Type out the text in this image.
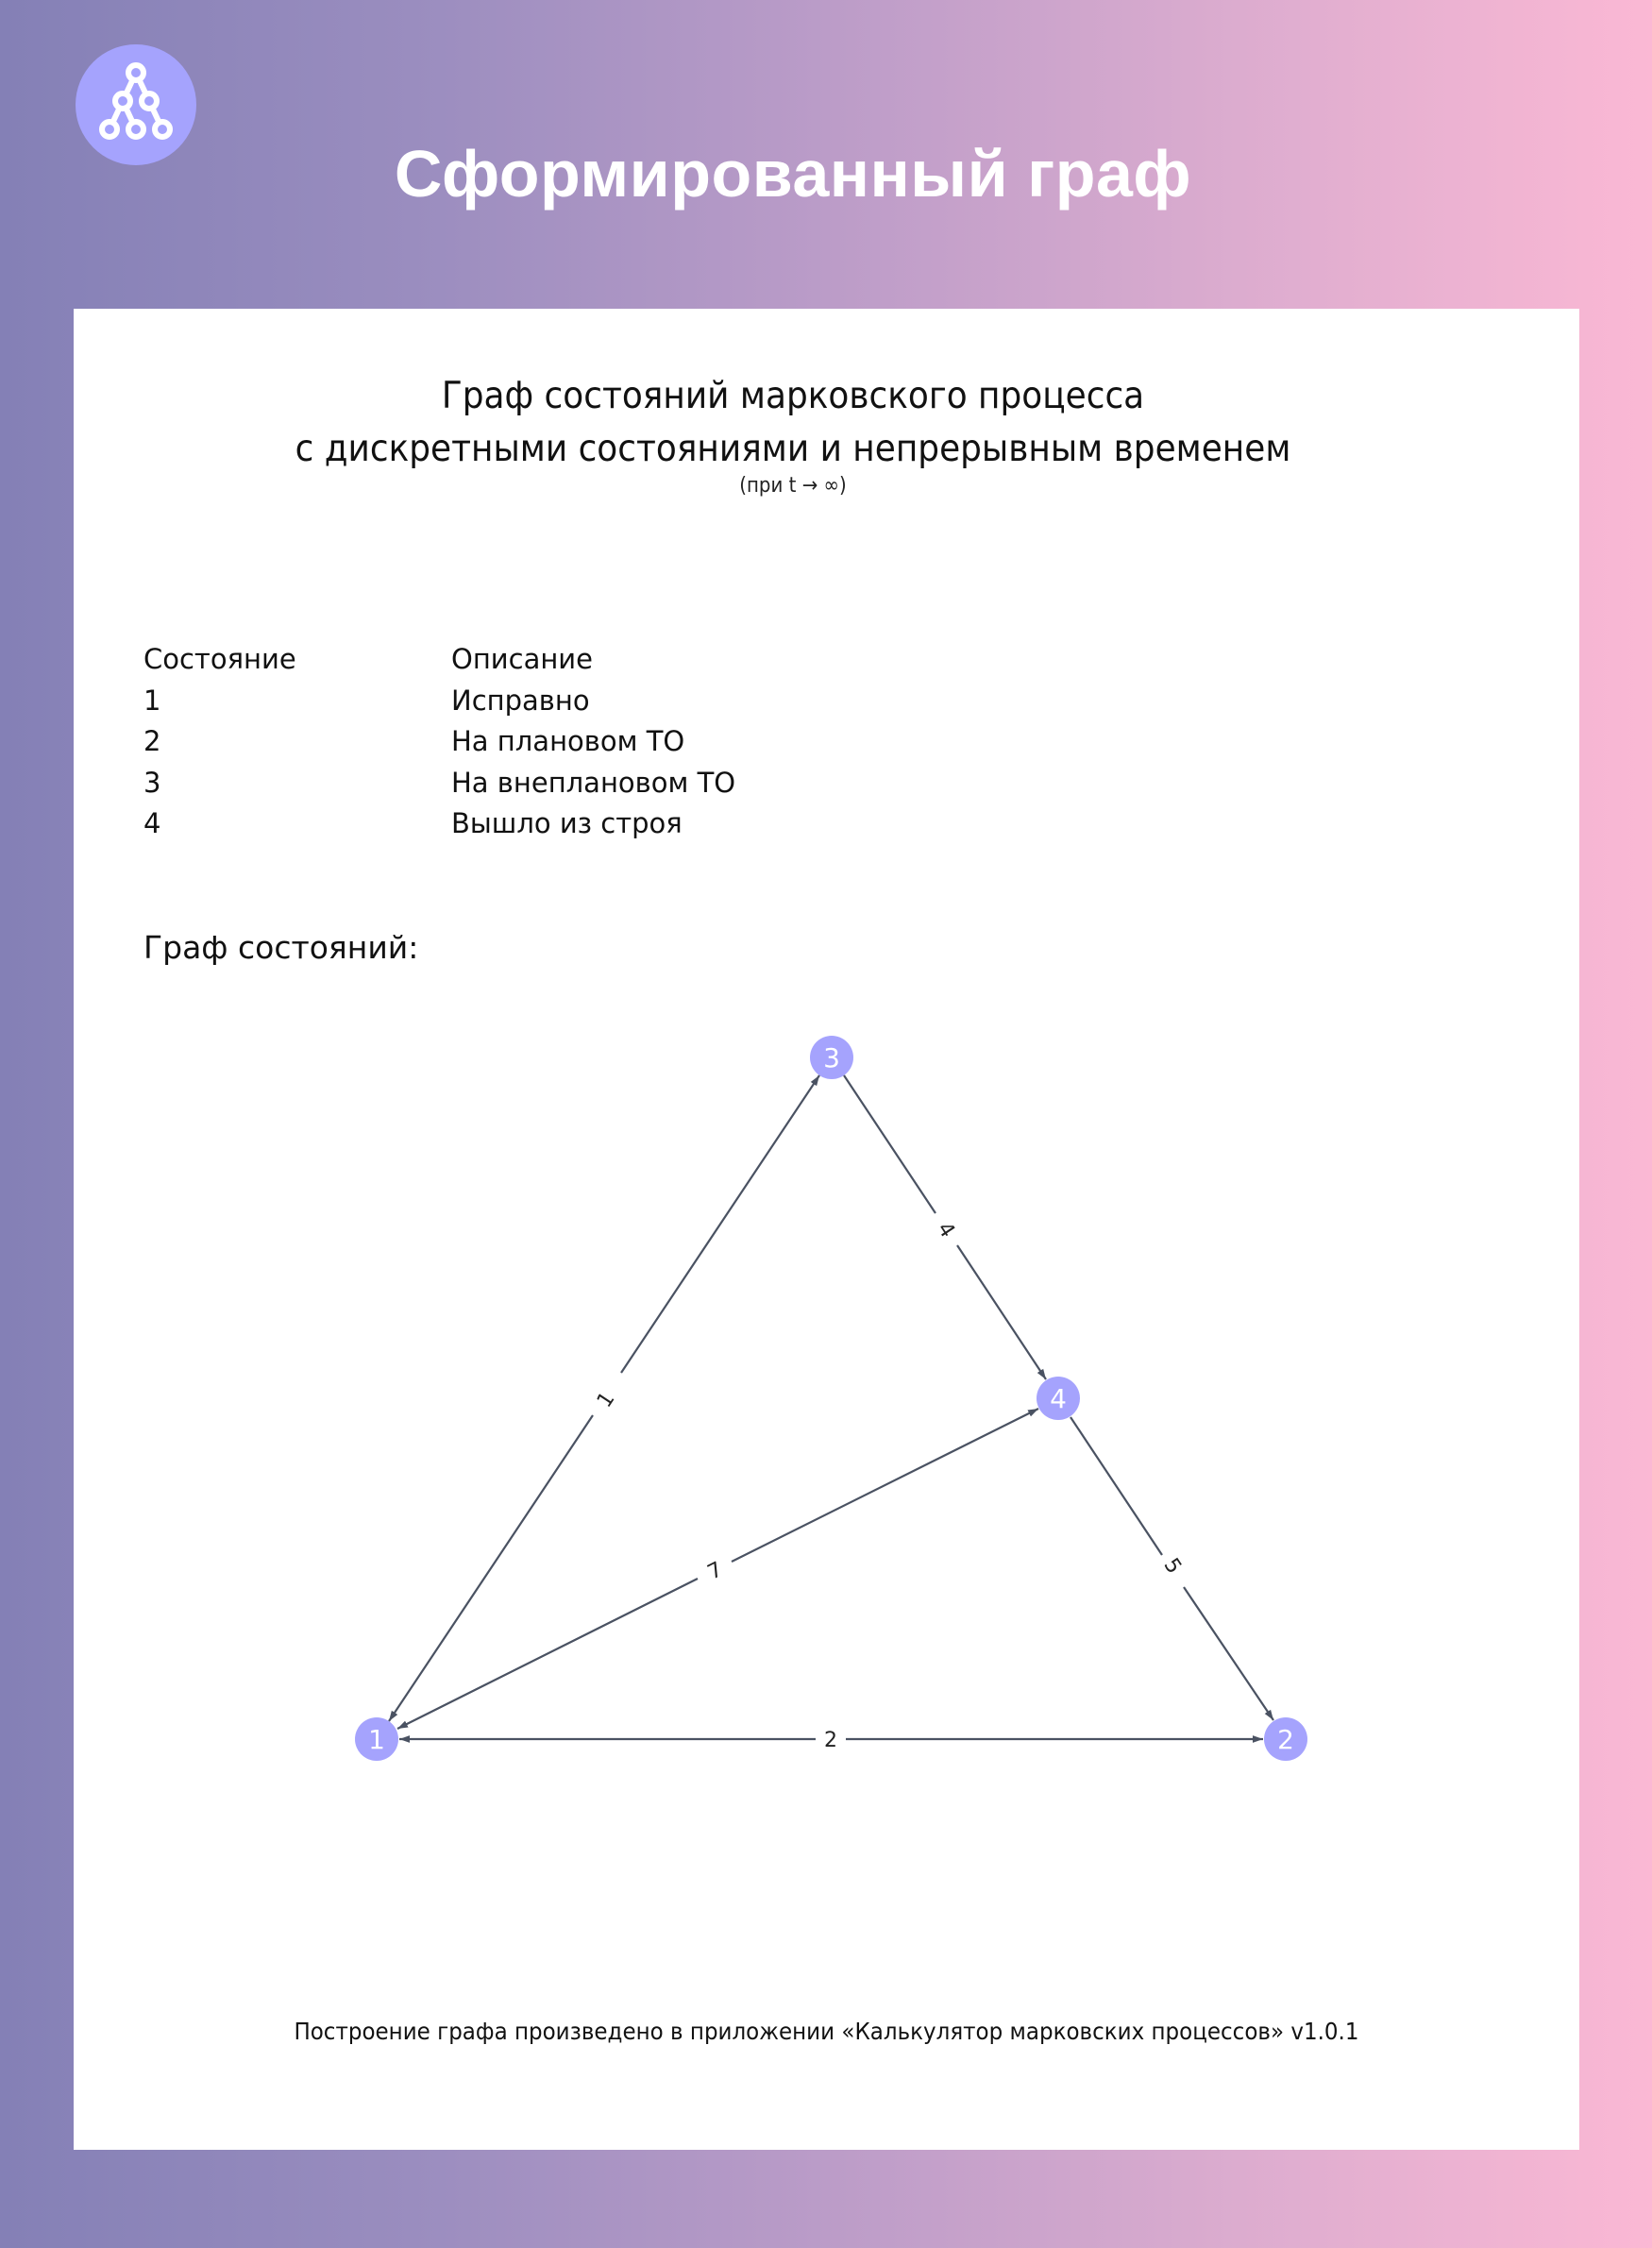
Сформированный граф
Граф состояний марковского процесса
с дискретными состояниями и непрерывным временем
(при t → ∞)
Состояние	Описание
1	Исправно
2	На плановом ТО
3	На внеплановом ТО
4	Вышло из строя
Граф состояний:
1
2
4
5
7
1	2
3
4
Построение графа произведено в приложении «Калькулятор марковских процессов» v1.0.1
